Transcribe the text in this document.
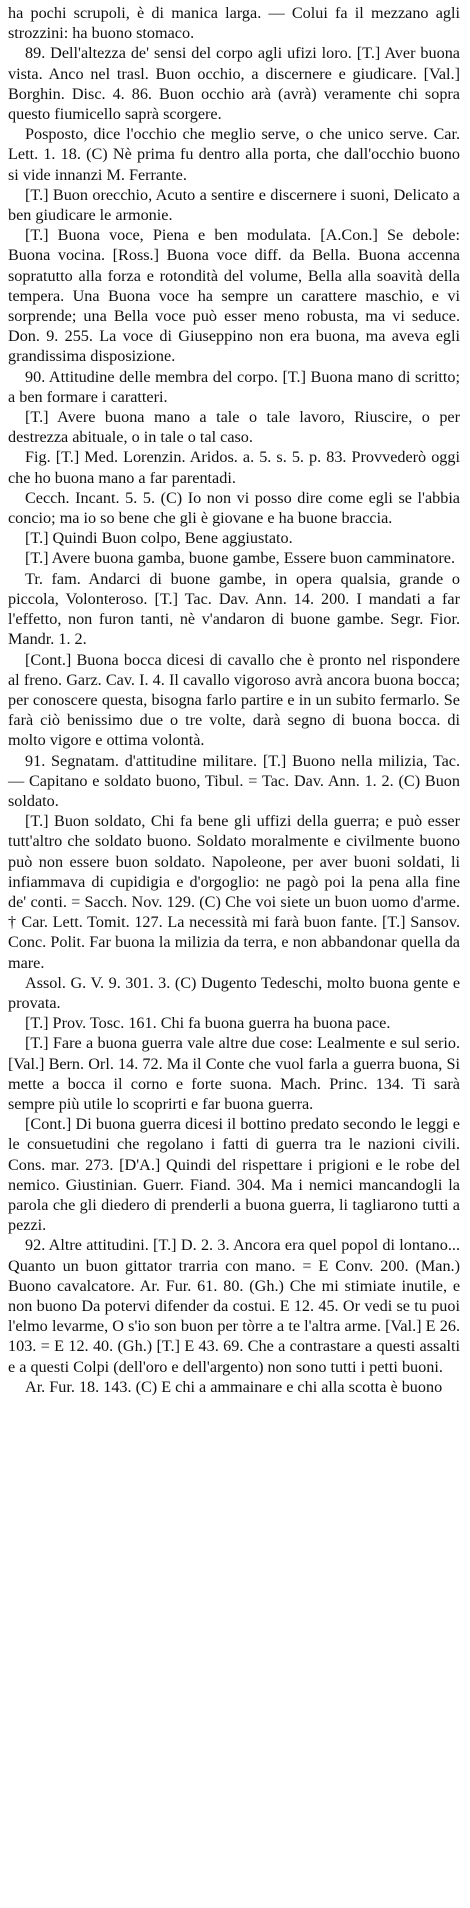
ha pochi scrupoli, è di manica larga. — Colui fa il mezzano agli strozzini: ha buono stomaco.

89. Dell'altezza de' sensi del corpo agli ufizi loro. [T.] Aver buona vista. Anco nel trasl. Buon occhio, a discernere e giudicare. [Val.] Borghin. Disc. 4. 86. Buon occhio arà (avrà) veramente chi sopra questo fiumicello saprà scorgere.

Posposto, dice l'occhio che meglio serve, o che unico serve. Car. Lett. 1. 18. (C) Nè prima fu dentro alla porta, che dall'occhio buono si vide innanzi M. Ferrante.

[T.] Buon orecchio, Acuto a sentire e discernere i suoni, Delicato a ben giudicare le armonie.

[T.] Buona voce, Piena e ben modulata. [A.Con.] Se debole: Buona vocina. [Ross.] Buona voce diff. da Bella. Buona accenna sopratutto alla forza e rotondità del volume, Bella alla soavità della tempera. Una Buona voce ha sempre un carattere maschio, e vi sorprende; una Bella voce può esser meno robusta, ma vi seduce. Don. 9. 255. La voce di Giuseppino non era buona, ma aveva egli grandissima disposizione.

90. Attitudine delle membra del corpo. [T.] Buona mano di scritto; a ben formare i caratteri.

[T.] Avere buona mano a tale o tale lavoro, Riuscire, o per destrezza abituale, o in tale o tal caso.

Fig. [T.] Med. Lorenzin. Aridos. a. 5. s. 5. p. 83. Provvederò oggi che ho buona mano a far parentadi.

Cecch. Incant. 5. 5. (C) Io non vi posso dire come egli se l'abbia concio; ma io so bene che gli è giovane e ha buone braccia.

[T.] Quindi Buon colpo, Bene aggiustato.

[T.] Avere buona gamba, buone gambe, Essere buon camminatore.

Tr. fam. Andarci di buone gambe, in opera qualsia, grande o piccola, Volonteroso. [T.] Tac. Dav. Ann. 14. 200. I mandati a far l'effetto, non furon tanti, nè v'andaron di buone gambe. Segr. Fior. Mandr. 1. 2.

[Cont.] Buona bocca dicesi di cavallo che è pronto nel rispondere al freno. Garz. Cav. I. 4. Il cavallo vigoroso avrà ancora buona bocca; per conoscere questa, bisogna farlo partire e in un subito fermarlo. Se farà ciò benissimo due o tre volte, darà segno di buona bocca. di molto vigore e ottima volontà.

91. Segnatam. d'attitudine militare. [T.] Buono nella milizia, Tac. — Capitano e soldato buono, Tibul. = Tac. Dav. Ann. 1. 2. (C) Buon soldato.

[T.] Buon soldato, Chi fa bene gli uffizi della guerra; e può esser tutt'altro che soldato buono. Soldato moralmente e civilmente buono può non essere buon soldato. Napoleone, per aver buoni soldati, li infiammava di cupidigia e d'orgoglio: ne pagò poi la pena alla fine de' conti. = Sacch. Nov. 129. (C) Che voi siete un buon uomo d'arme. † Car. Lett. Tomit. 127. La necessità mi farà buon fante. [T.] Sansov. Conc. Polit. Far buona la milizia da terra, e non abbandonar quella da mare.

Assol. G. V. 9. 301. 3. (C) Dugento Tedeschi, molto buona gente e provata.

[T.] Prov. Tosc. 161. Chi fa buona guerra ha buona pace.

[T.] Fare a buona guerra vale altre due cose: Lealmente e sul serio. [Val.] Bern. Orl. 14. 72. Ma il Conte che vuol farla a guerra buona, Si mette a bocca il corno e forte suona. Mach. Princ. 134. Ti sarà sempre più utile lo scoprirti e far buona guerra.

[Cont.] Di buona guerra dicesi il bottino predato secondo le leggi e le consuetudini che regolano i fatti di guerra tra le nazioni civili. Cons. mar. 273. [D'A.] Quindi del rispettare i prigioni e le robe del nemico. Giustinian. Guerr. Fiand. 304. Ma i nemici mancandogli la parola che gli diedero di prenderli a buona guerra, li tagliarono tutti a pezzi.

92. Altre attitudini. [T.] D. 2. 3. Ancora era quel popol di lontano... Quanto un buon gittator trarria con mano. = E Conv. 200. (Man.) Buono cavalcatore. Ar. Fur. 61. 80. (Gh.) Che mi stimiate inutile, e non buono Da potervi difender da costui. E 12. 45. Or vedi se tu puoi l'elmo levarme, O s'io son buon per tòrre a te l'altra arme. [Val.] E 26. 103. = E 12. 40. (Gh.) [T.] E 43. 69. Che a contrastare a questi assalti e a questi Colpi (dell'oro e dell'argento) non sono tutti i petti buoni.

Ar. Fur. 18. 143. (C) E chi a ammainare e chi alla scotta è buono
